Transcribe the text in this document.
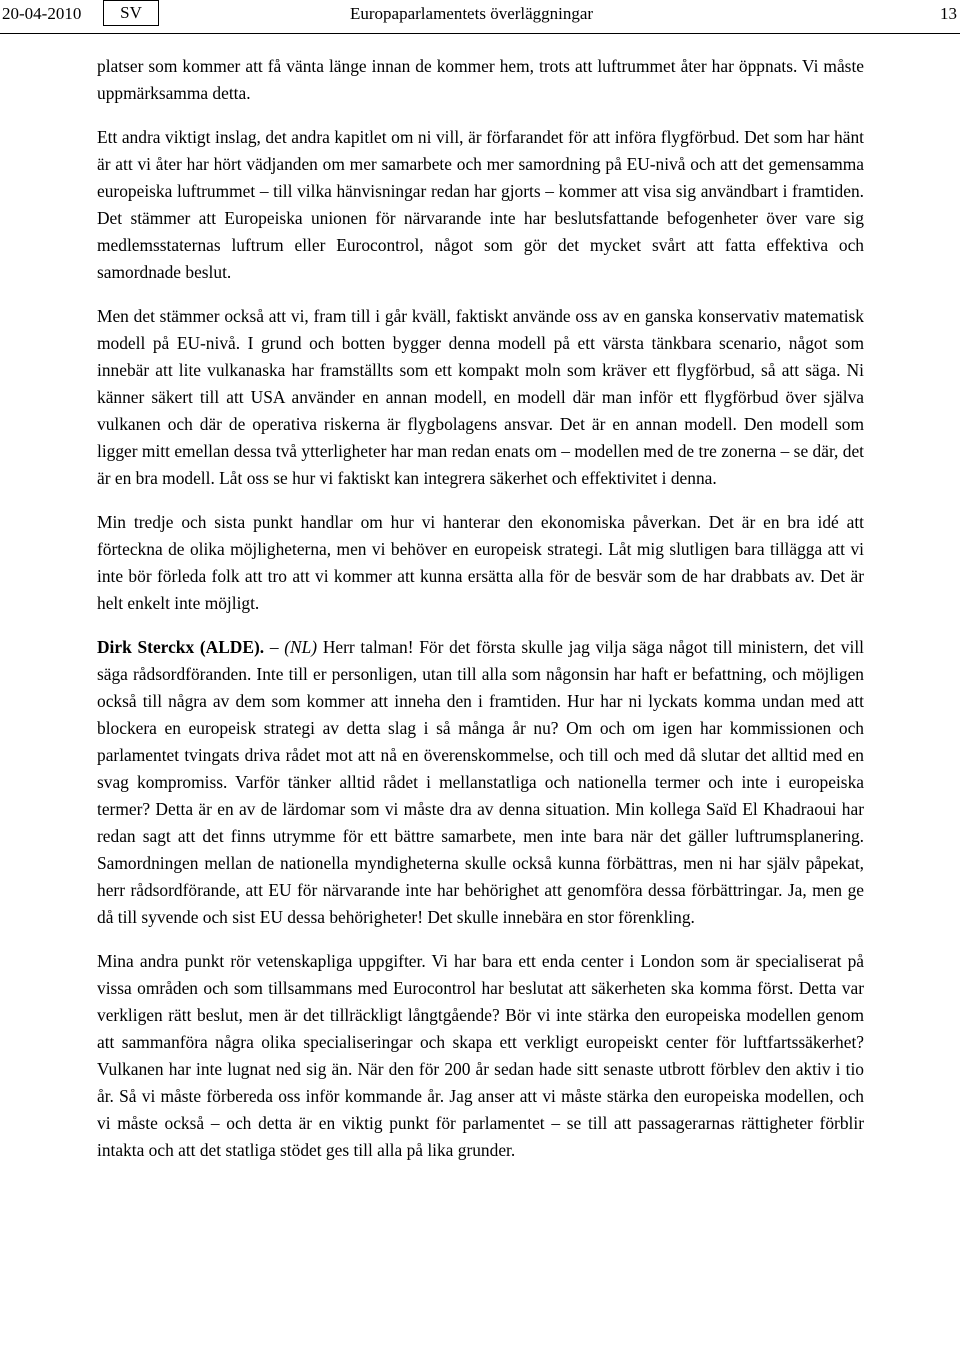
20-04-2010	SV	Europaparlamentets överläggningar	13

platser som kommer att få vänta länge innan de kommer hem, trots att luftrummet åter har öppnats. Vi måste uppmärksamma detta.

Ett andra viktigt inslag, det andra kapitlet om ni vill, är förfarandet för att införa flygförbud. Det som har hänt är att vi åter har hört vädjanden om mer samarbete och mer samordning på EU-nivå och att det gemensamma europeiska luftrummet – till vilka hänvisningar redan har gjorts – kommer att visa sig användbart i framtiden. Det stämmer att Europeiska unionen för närvarande inte har beslutsfattande befogenheter över vare sig medlemsstaternas luftrum eller Eurocontrol, något som gör det mycket svårt att fatta effektiva och samordnade beslut.

Men det stämmer också att vi, fram till i går kväll, faktiskt använde oss av en ganska konservativ matematisk modell på EU-nivå. I grund och botten bygger denna modell på ett värsta tänkbara scenario, något som innebär att lite vulkanaska har framställts som ett kompakt moln som kräver ett flygförbud, så att säga. Ni känner säkert till att USA använder en annan modell, en modell där man inför ett flygförbud över själva vulkanen och där de operativa riskerna är flygbolagens ansvar. Det är en annan modell. Den modell som ligger mitt emellan dessa två ytterligheter har man redan enats om – modellen med de tre zonerna – se där, det är en bra modell. Låt oss se hur vi faktiskt kan integrera säkerhet och effektivitet i denna.

Min tredje och sista punkt handlar om hur vi hanterar den ekonomiska påverkan. Det är en bra idé att förteckna de olika möjligheterna, men vi behöver en europeisk strategi. Låt mig slutligen bara tillägga att vi inte bör förleda folk att tro att vi kommer att kunna ersätta alla för de besvär som de har drabbats av. Det är helt enkelt inte möjligt.

Dirk Sterckx (ALDE). – (NL) Herr talman! För det första skulle jag vilja säga något till ministern, det vill säga rådsordföranden. Inte till er personligen, utan till alla som någonsin har haft er befattning, och möjligen också till några av dem som kommer att inneha den i framtiden. Hur har ni lyckats komma undan med att blockera en europeisk strategi av detta slag i så många år nu? Om och om igen har kommissionen och parlamentet tvingats driva rådet mot att nå en överenskommelse, och till och med då slutar det alltid med en svag kompromiss. Varför tänker alltid rådet i mellanstatliga och nationella termer och inte i europeiska termer? Detta är en av de lärdomar som vi måste dra av denna situation. Min kollega Saïd El Khadraoui har redan sagt att det finns utrymme för ett bättre samarbete, men inte bara när det gäller luftrumsplanering. Samordningen mellan de nationella myndigheterna skulle också kunna förbättras, men ni har själv påpekat, herr rådsordförande, att EU för närvarande inte har behörighet att genomföra dessa förbättringar. Ja, men ge då till syvende och sist EU dessa behörigheter! Det skulle innebära en stor förenkling.

Mina andra punkt rör vetenskapliga uppgifter. Vi har bara ett enda center i London som är specialiserat på vissa områden och som tillsammans med Eurocontrol har beslutat att säkerheten ska komma först. Detta var verkligen rätt beslut, men är det tillräckligt långtgående? Bör vi inte stärka den europeiska modellen genom att sammanföra några olika specialiseringar och skapa ett verkligt europeiskt center för luftfartssäkerhet? Vulkanen har inte lugnat ned sig än. När den för 200 år sedan hade sitt senaste utbrott förblev den aktiv i tio år. Så vi måste förbereda oss inför kommande år. Jag anser att vi måste stärka den europeiska modellen, och vi måste också – och detta är en viktig punkt för parlamentet – se till att passagerarnas rättigheter förblir intakta och att det statliga stödet ges till alla på lika grunder.
